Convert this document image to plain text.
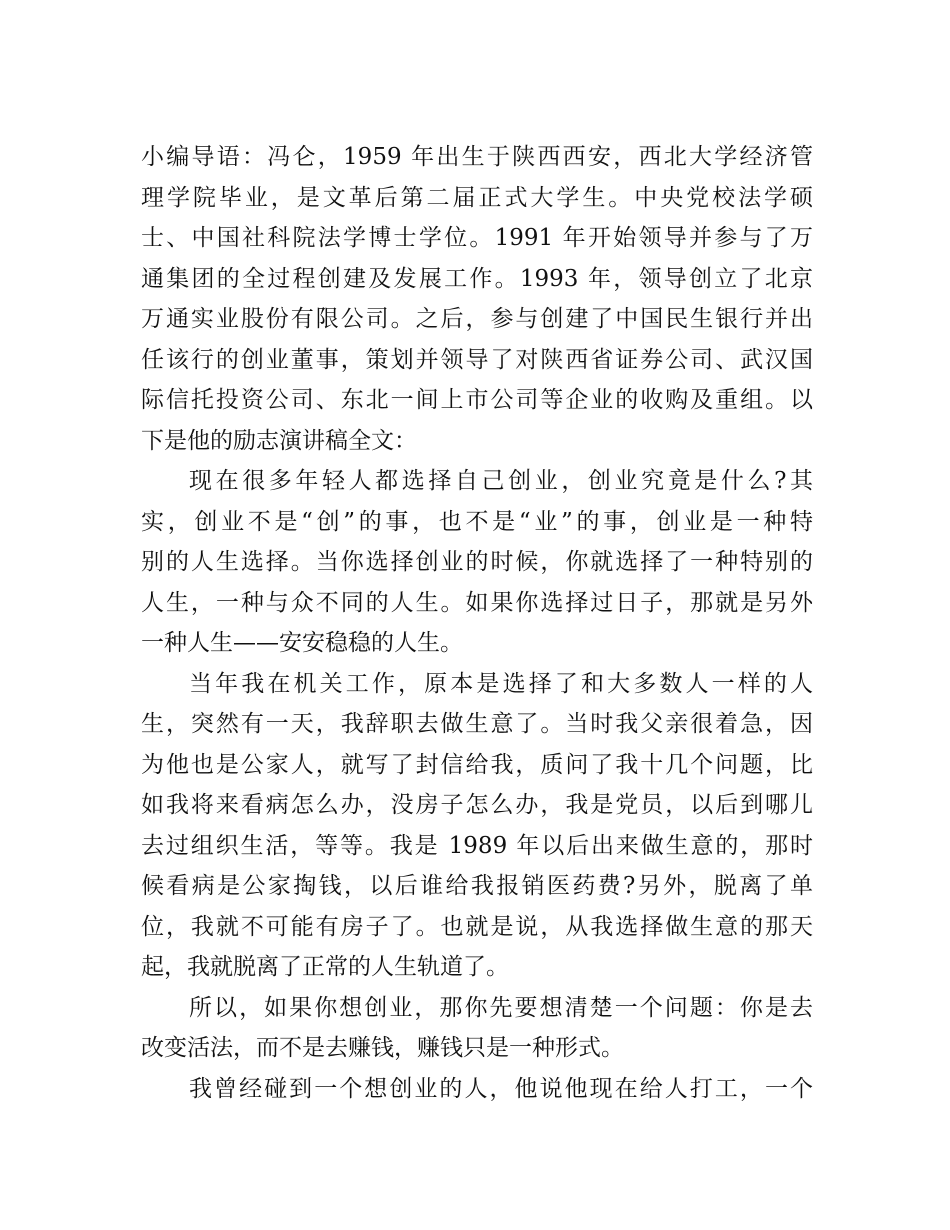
小编导语：冯仑，1959 年出生于陕西西安，西北大学经济管
理学院毕业，是文革后第二届正式大学生。中央党校法学硕
士、中国社科院法学博士学位。1991 年开始领导并参与了万
通集团的全过程创建及发展工作。1993 年，领导创立了北京
万通实业股份有限公司。之后，参与创建了中国民生银行并出
任该行的创业董事，策划并领导了对陕西省证券公司、武汉国
际信托投资公司、东北一间上市公司等企业的收购及重组。以
下是他的励志演讲稿全文：
现在很多年轻人都选择自己创业，创业究竟是什么?其
实，创业不是“创”的事，也不是“业”的事，创业是一种特
别的人生选择。当你选择创业的时候，你就选择了一种特别的
人生，一种与众不同的人生。如果你选择过日子，那就是另外
一种人生——安安稳稳的人生。
当年我在机关工作，原本是选择了和大多数人一样的人
生，突然有一天，我辞职去做生意了。当时我父亲很着急，因
为他也是公家人，就写了封信给我，质问了我十几个问题，比
如我将来看病怎么办，没房子怎么办，我是党员，以后到哪儿
去过组织生活，等等。我是 1989 年以后出来做生意的，那时
候看病是公家掏钱，以后谁给我报销医药费?另外，脱离了单
位，我就不可能有房子了。也就是说，从我选择做生意的那天
起，我就脱离了正常的人生轨道了。
所以，如果你想创业，那你先要想清楚一个问题：你是去
改变活法，而不是去赚钱，赚钱只是一种形式。
我曾经碰到一个想创业的人，他说他现在给人打工，一个
